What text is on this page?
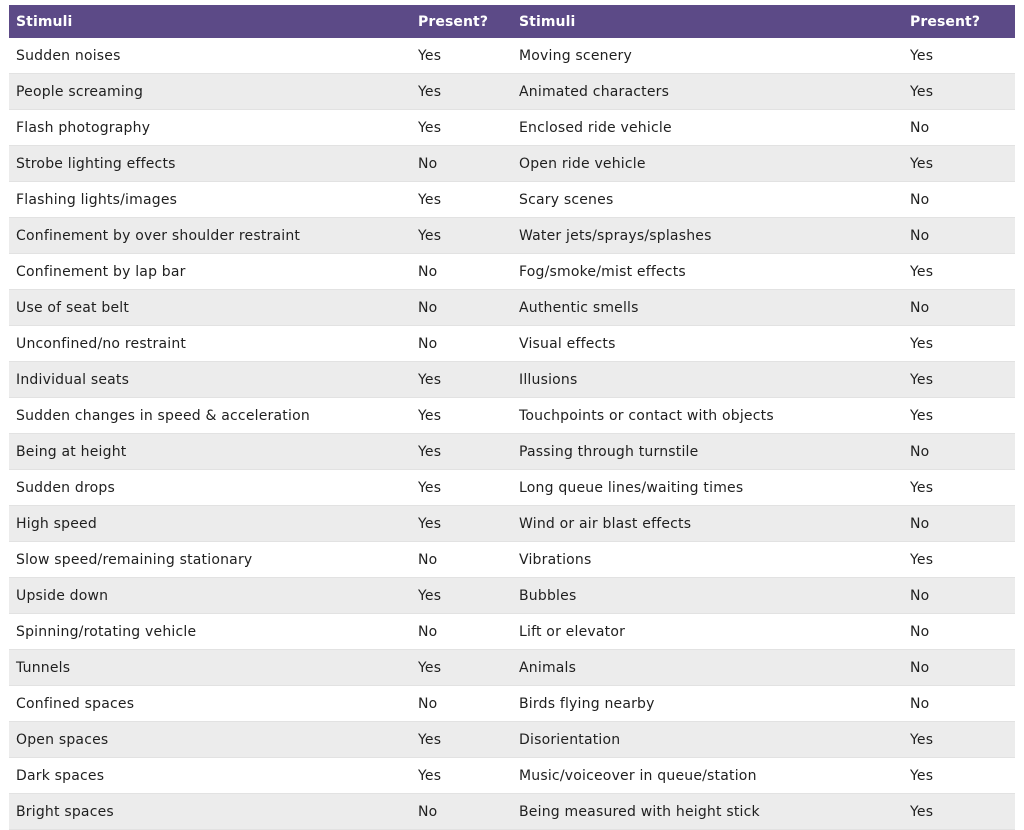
Stimuli	Present?	Stimuli	Present?
Sudden noises	Yes	Moving scenery	Yes
People screaming	Yes	Animated characters	Yes
Flash photography	Yes	Enclosed ride vehicle	No
Strobe lighting effects	No	Open ride vehicle	Yes
Flashing lights/images	Yes	Scary scenes	No
Confinement by over shoulder restraint	Yes	Water jets/sprays/splashes	No
Confinement by lap bar	No	Fog/smoke/mist effects	Yes
Use of seat belt	No	Authentic smells	No
Unconfined/no restraint	No	Visual effects	Yes
Individual seats	Yes	Illusions	Yes
Sudden changes in speed & acceleration	Yes	Touchpoints or contact with objects	Yes
Being at height	Yes	Passing through turnstile	No
Sudden drops	Yes	Long queue lines/waiting times	Yes
High speed	Yes	Wind or air blast effects	No
Slow speed/remaining stationary	No	Vibrations	Yes
Upside down	Yes	Bubbles	No
Spinning/rotating vehicle	No	Lift or elevator	No
Tunnels	Yes	Animals	No
Confined spaces	No	Birds flying nearby	No
Open spaces	Yes	Disorientation	Yes
Dark spaces	Yes	Music/voiceover in queue/station	Yes
Bright spaces	No	Being measured with height stick	Yes
